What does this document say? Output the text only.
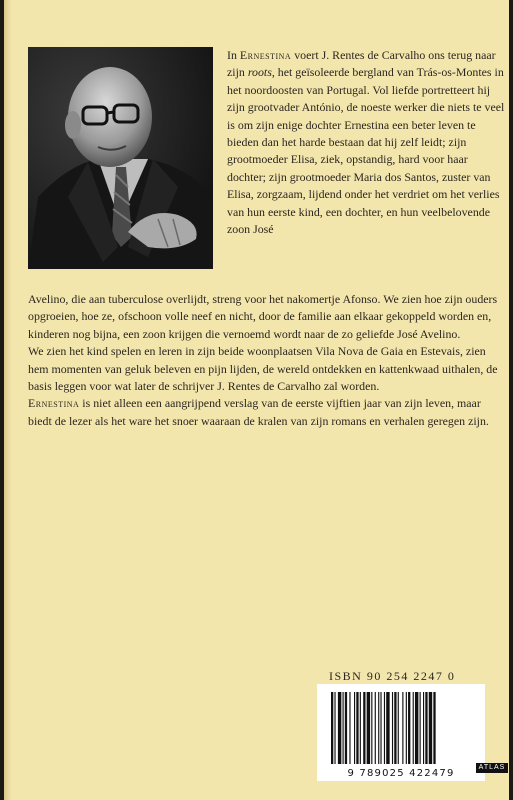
In Ernestina voert J. Rentes de Carvalho ons terug naar zijn roots, het geïsoleerde bergland van Trás-os-Montes in het noordoosten van Portugal. Vol liefde portretteert hij zijn grootvader António, de noeste werker die niets te veel is om zijn enige dochter Ernestina een beter leven te bieden dan het harde bestaan dat hij zelf leidt; zijn grootmoeder Elisa, ziek, opstandig, hard voor haar dochter; zijn grootmoeder Maria dos Santos, zuster van Elisa, zorgzaam, lijdend onder het verdriet om het verlies van hun eerste kind, een dochter, en hun veelbelovende zoon José

Avelino, die aan tuberculose overlijdt, streng voor het nakomertje Afonso. We zien hoe zijn ouders opgroeien, hoe ze, ofschoon volle neef en nicht, door de familie aan elkaar gekoppeld worden en, kinderen nog bijna, een zoon krijgen die vernoemd wordt naar de zo geliefde José Avelino.

We zien het kind spelen en leren in zijn beide woonplaatsen Vila Nova de Gaia en Estevais, zien hem momenten van geluk beleven en pijn lijden, de wereld ontdekken en kattenkwaad uithalen, de basis leggen voor wat later de schrijver J. Rentes de Carvalho zal worden.

Ernestina is niet alleen een aangrijpend verslag van de eerste vijftien jaar van zijn leven, maar biedt de lezer als het ware het snoer waaraan de kralen van zijn romans en verhalen geregen zijn.

ISBN 90 254 2247 0
9 789025 422479
ATLAS
